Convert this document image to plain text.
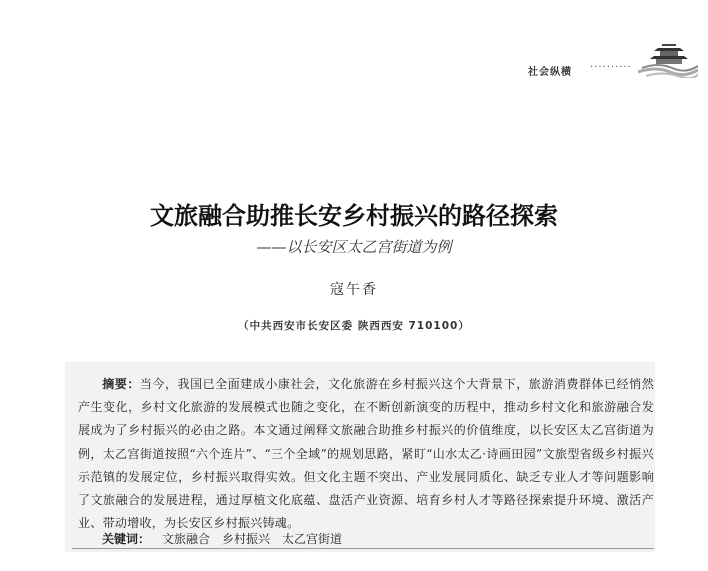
社会纵横 ··········
文旅融合助推长安乡村振兴的路径探索
——以长安区太乙宫街道为例
寇午香
（中共西安市长安区委 陕西西安 710100）
摘要：当今，我国已全面建成小康社会，文化旅游在乡村振兴这个大背景下，旅游消费群体已经悄然产生变化，乡村文化旅游的发展模式也随之变化，在不断创新演变的历程中，推动乡村文化和旅游融合发展成为了乡村振兴的必由之路。本文通过阐释文旅融合助推乡村振兴的价值维度，以长安区太乙宫街道为例，太乙宫街道按照“六个连片”、“三个全域”的规划思路，紧盯“山水太乙·诗画田园”文旅型省级乡村振兴示范镇的发展定位，乡村振兴取得实效。但文化主题不突出、产业发展同质化、缺乏专业人才等问题影响了文旅融合的发展进程，通过厚植文化底蕴、盘活产业资源、培育乡村人才等路径探索提升环境、激活产业、带动增收，为长安区乡村振兴铸魂。
关键词： 文旅融合 乡村振兴 太乙宫街道
